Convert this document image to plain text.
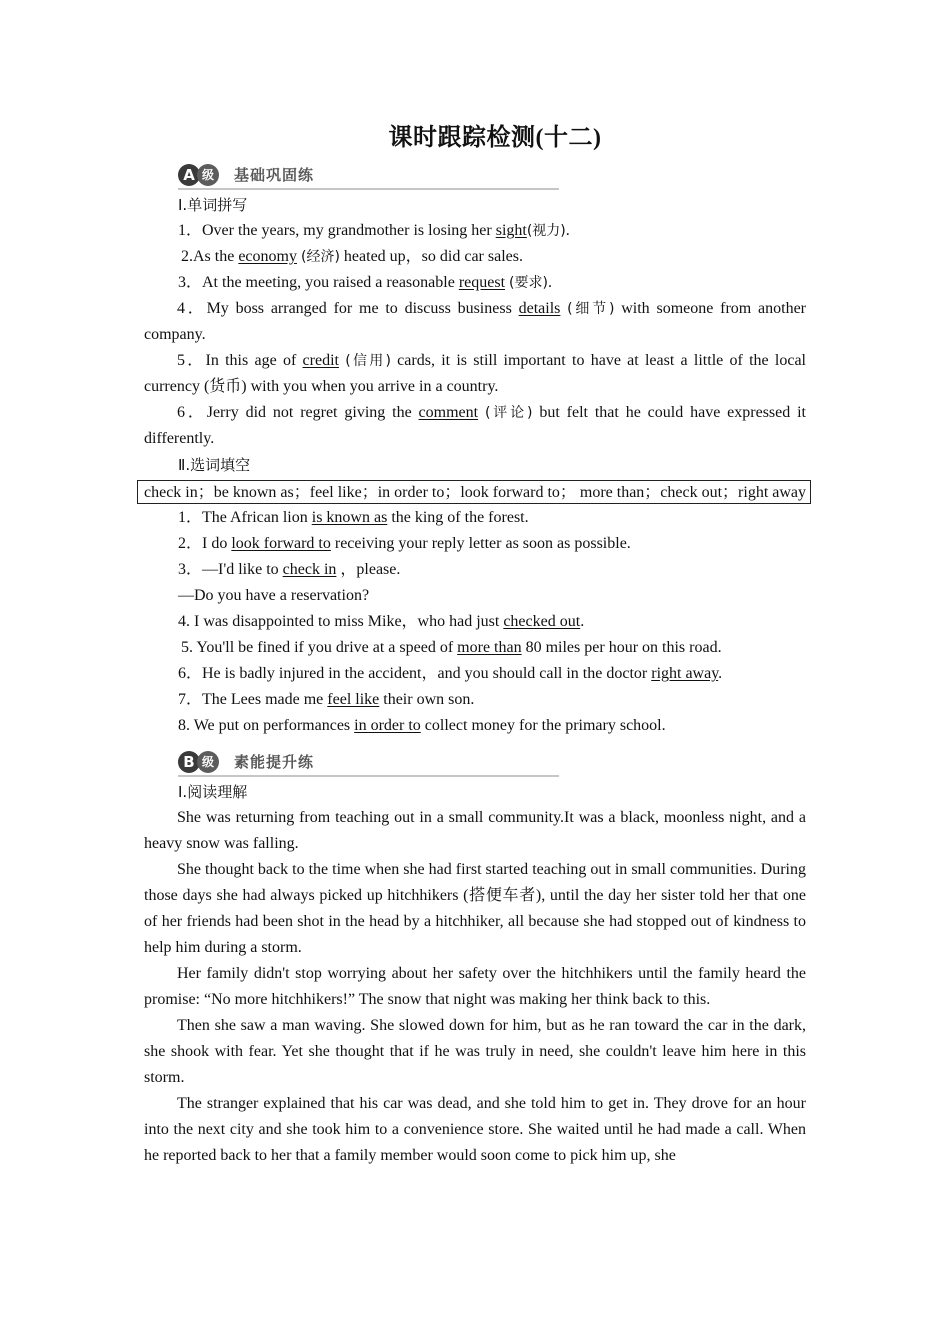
课时跟踪检测(十二)
A 级	基础巩固练
Ⅰ.单词拼写
1．Over the years, my grandmother is losing her sight(视力).
2.As the economy (经济) heated up，so did car sales.
3．At the meeting, you raised a reasonable request (要求).

4．My boss arranged for me to discuss business details (细节) with someone from another company.

5．In this age of credit (信用) cards, it is still important to have at least a little of the local currency (货币) with you when you arrive in a country.

6．Jerry did not regret giving the comment (评论) but felt that he could have expressed it differently.

Ⅱ.选词填空
check in；be known as；feel like；in order to；look forward to； more than；check out；right away
1．The African lion is known as the king of the forest.
2．I do look forward to receiving your reply letter as soon as possible.
3．—I'd like to check in ，please.
—Do you have a reservation?
4. I was disappointed to miss Mike，who had just checked out.
5. You'll be fined if you drive at a speed of more than 80 miles per hour on this road.
6．He is badly injured in the accident，and you should call in the doctor right away.
7．The Lees made me feel like their own son.
8. We put on performances in order to collect money for the primary school.
B 级	素能提升练
Ⅰ.阅读理解

She was returning from teaching out in a small community.It was a black, moonless night, and a heavy snow was falling.

She thought back to the time when she had first started teaching out in small communities. During those days she had always picked up hitchhikers (搭便车者), until the day her sister told her that one of her friends had been shot in the head by a hitchhiker, all because she had stopped out of kindness to help him during a storm.

Her family didn't stop worrying about her safety over the hitchhikers until the family heard the promise: “No more hitchhikers!” The snow that night was making her think back to this.

Then she saw a man waving. She slowed down for him, but as he ran toward the car in the dark, she shook with fear. Yet she thought that if he was truly in need, she couldn't leave him here in this storm.

The stranger explained that his car was dead, and she told him to get in. They drove for an hour into the next city and she took him to a convenience store. She waited until he had made a call. When he reported back to her that a family member would soon come to pick him up, she
